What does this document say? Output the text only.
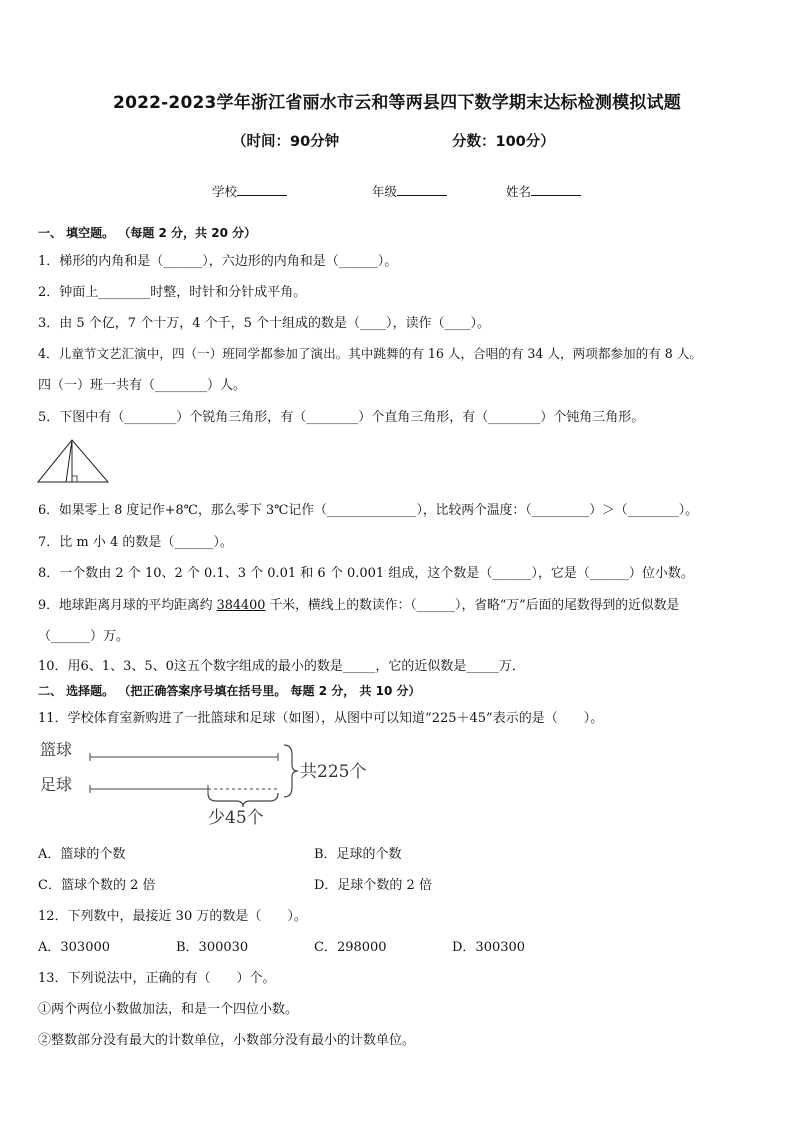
2022-2023学年浙江省丽水市云和等两县四下数学期末达标检测模拟试题
（时间：90分钟	分数：100分）
学校	年级	姓名
一、 填空题。 （每题 2 分，共 20 分）
1．梯形的内角和是（______），六边形的内角和是（______）。
2．钟面上________时整，时针和分针成平角。
3．由 5 个亿，7 个十万，4 个千，5 个十组成的数是（____），读作（____）。
4．儿童节文艺汇演中，四（一）班同学都参加了演出。其中跳舞的有 16 人，合唱的有 34 人，两项都参加的有 8 人。
四（一）班一共有（________）人。
5．下图中有（________）个锐角三角形，有（________）个直角三角形，有（________）个钝角三角形。
6．如果零上 8 度记作+8℃，那么零下 3℃记作（______________），比较两个温度：（_________）＞（________）。
7．比 m 小 4 的数是（______）。
8．一个数由 2 个 10、2 个 0.1、3 个 0.01 和 6 个 0.001 组成，这个数是（______），它是（______）位小数。
9．地球距离月球的平均距离约 384400 千米，横线上的数读作：（______），省略“万”后面的尾数得到的近似数是
（______）万。
10．用6、1、3、5、0这五个数字组成的最小的数是_____，它的近似数是_____万．
二、 选择题。 （把正确答案序号填在括号里。 每题 2 分， 共 10 分）
11．学校体育室新购进了一批篮球和足球（如图），从图中可以知道“225＋45”表示的是（　　）。
篮球
足球
共225个
少45个
A．篮球的个数	B．足球的个数
C．篮球个数的 2 倍	D．足球个数的 2 倍
12．下列数中，最接近 30 万的数是（　　）。
A．303000	B．300030	C．298000	D．300300
13．下列说法中，正确的有（　　）个。
①两个两位小数做加法，和是一个四位小数。
②整数部分没有最大的计数单位，小数部分没有最小的计数单位。
